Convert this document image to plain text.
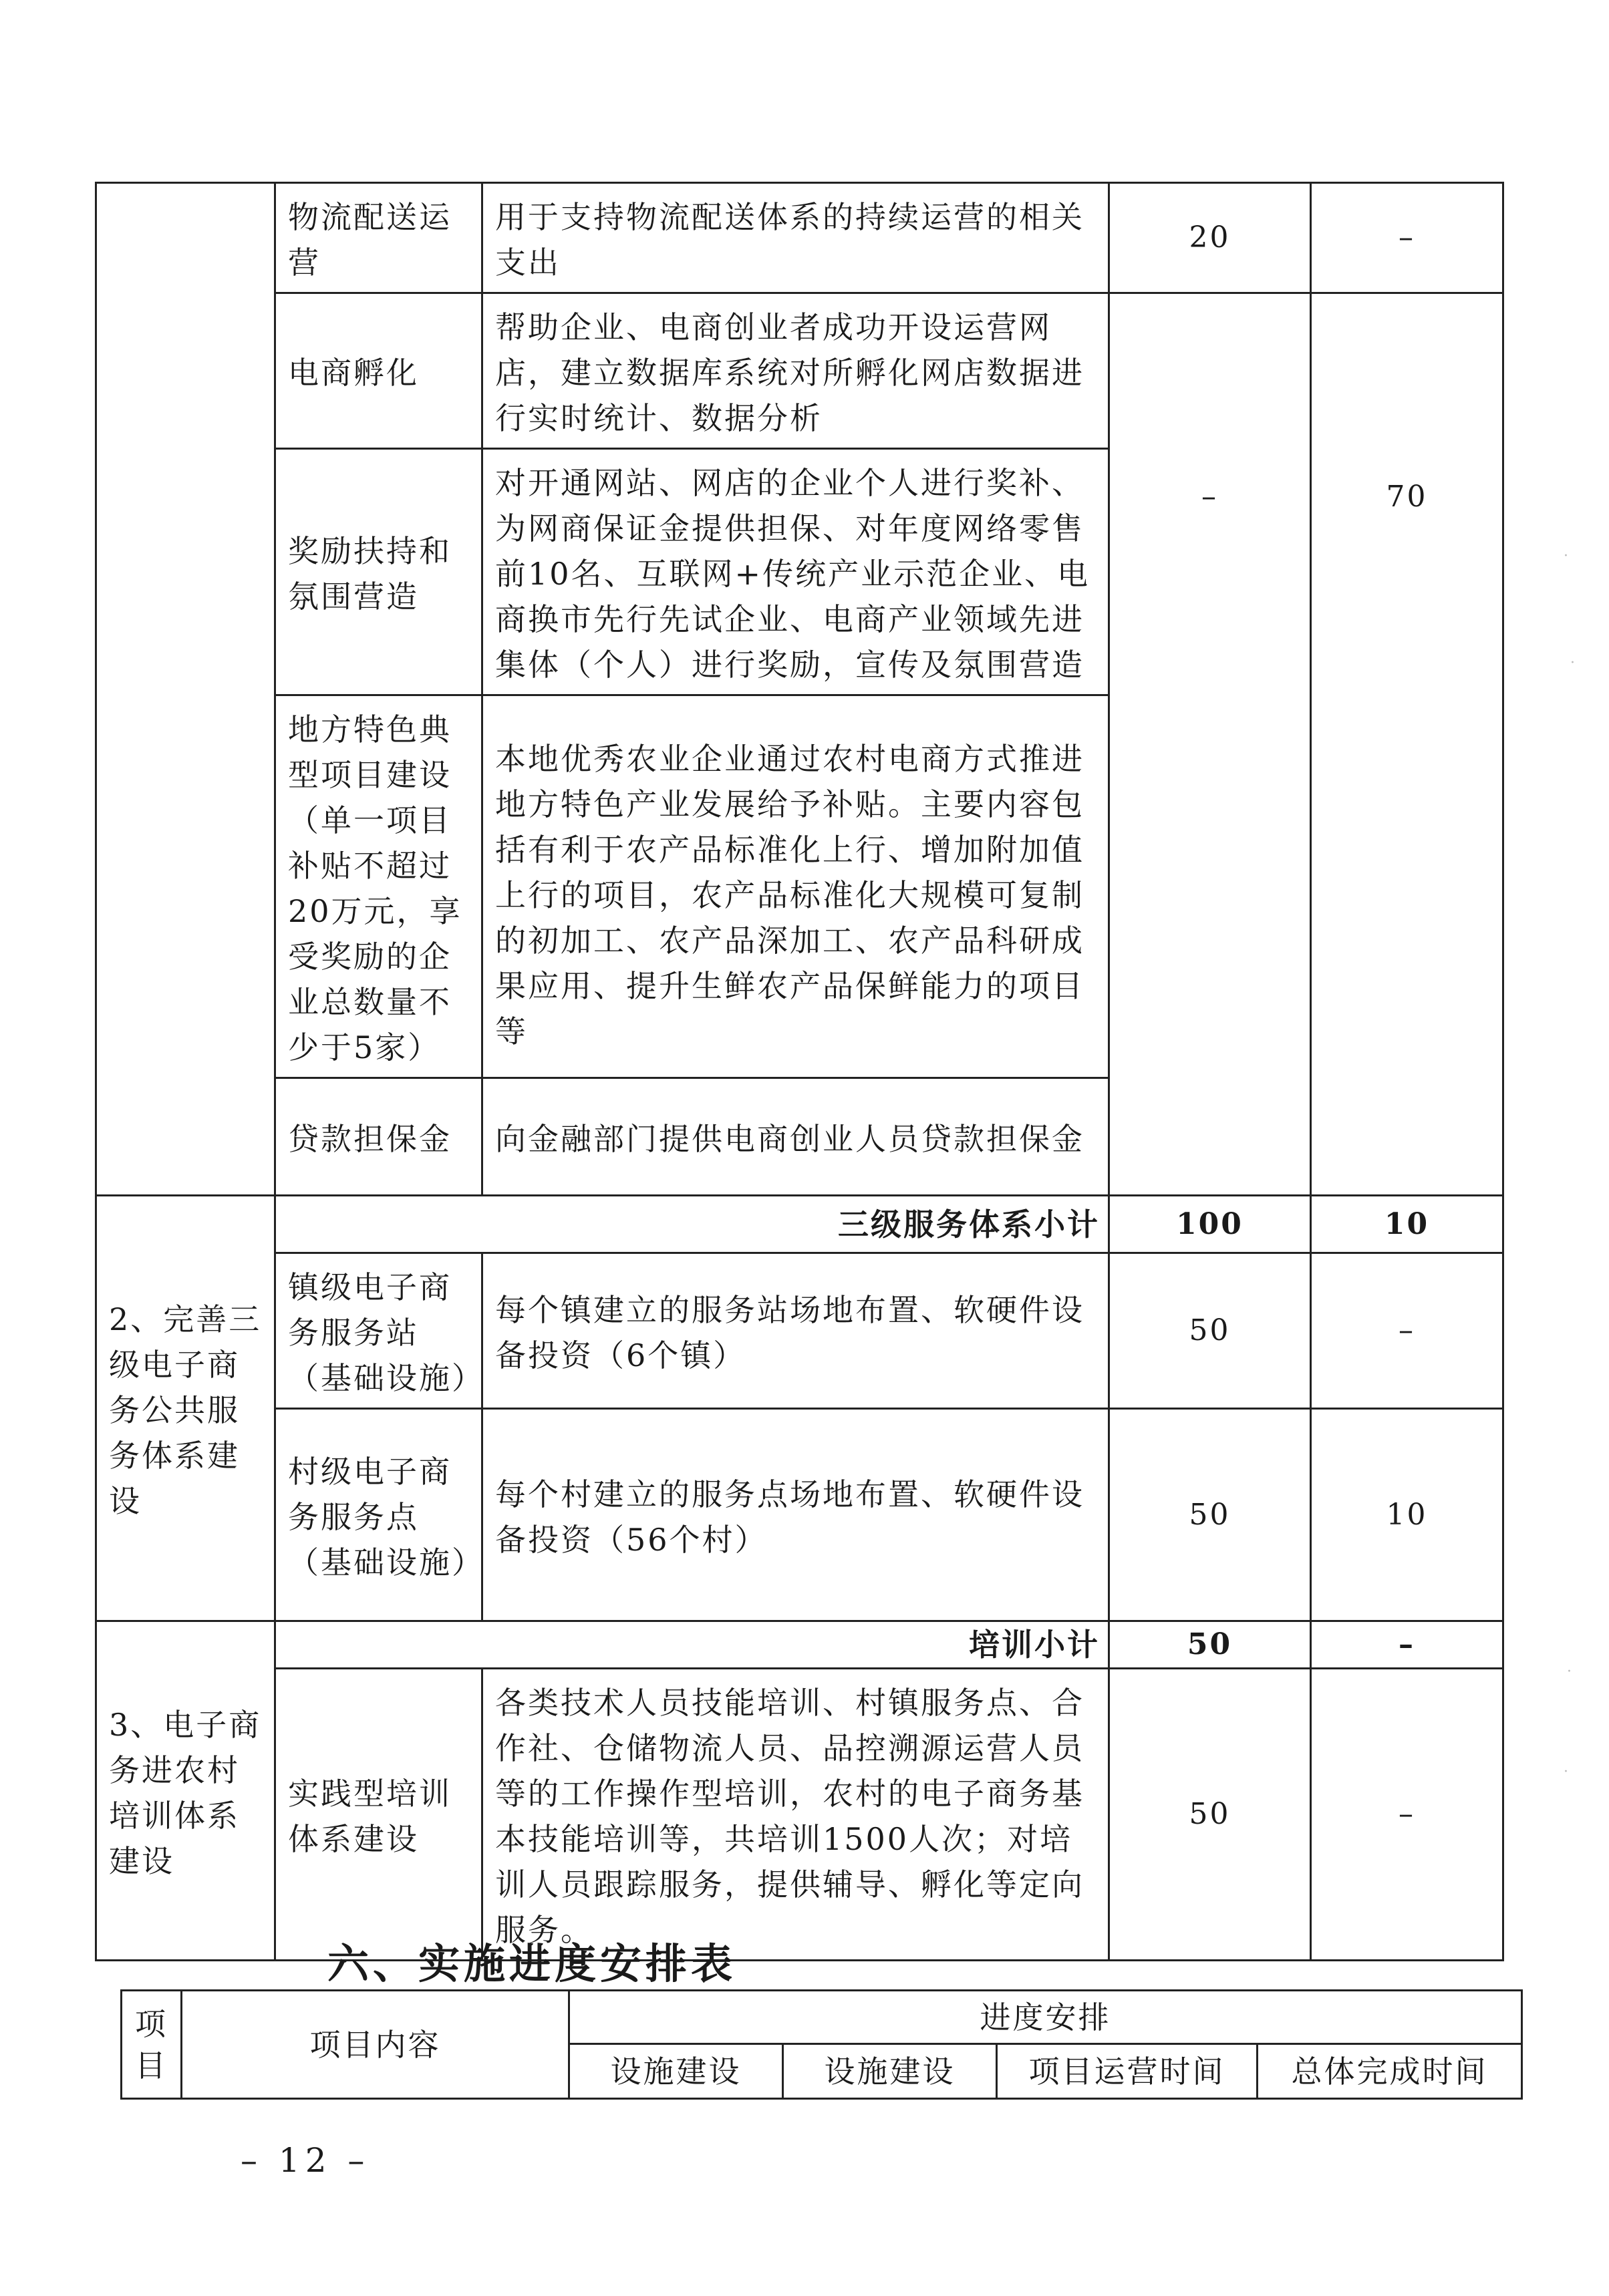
	物流配送运营	用于支持物流配送体系的持续运营的相关支出	20	–
	电商孵化	帮助企业、电商创业者成功开设运营网店，建立数据库系统对所孵化网店数据进行实时统计、数据分析	–	70
	奖励扶持和氛围营造	对开通网站、网店的企业个人进行奖补、为网商保证金提供担保、对年度网络零售前10名、互联网+传统产业示范企业、电商换市先行先试企业、电商产业领域先进集体（个人）进行奖励，宣传及氛围营造		
	地方特色典型项目建设（单一项目补贴不超过20万元，享受奖励的企业总数量不少于5家）	本地优秀农业企业通过农村电商方式推进地方特色产业发展给予补贴。主要内容包括有利于农产品标准化上行、增加附加值上行的项目，农产品标准化大规模可复制的初加工、农产品深加工、农产品科研成果应用、提升生鲜农产品保鲜能力的项目等		
	贷款担保金	向金融部门提供电商创业人员贷款担保金		
2、完善三级电子商务公共服务体系建设	三级服务体系小计		100	10
	镇级电子商务服务站（基础设施）	每个镇建立的服务站场地布置、软硬件设备投资（6个镇）	50	–
	村级电子商务服务点（基础设施）	每个村建立的服务点场地布置、软硬件设备投资（56个村）	50	10
3、电子商务进农村培训体系建设	培训小计		50	–
	实践型培训体系建设	各类技术人员技能培训、村镇服务点、合作社、仓储物流人员、品控溯源运营人员等的工作操作型培训，农村的电子商务基本技能培训等，共培训1500人次；对培训人员跟踪服务，提供辅导、孵化等定向服务。	50	–
六、实施进度安排表
项目	项目内容	进度安排			
		设施建设	设施建设	项目运营时间	总体完成时间
– 12 –
·
·
·
·
